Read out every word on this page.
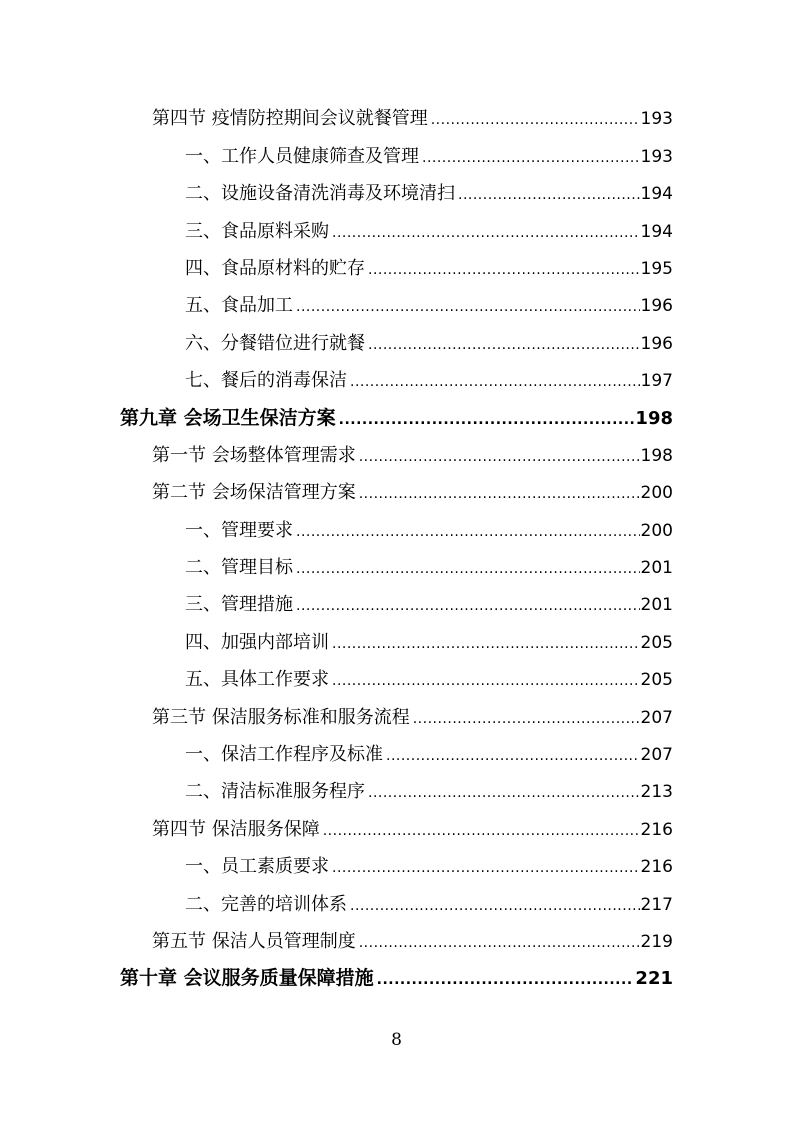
第四节 疫情防控期间会议就餐管理 .....	193
一、工作人员健康筛查及管理 .....	193
二、设施设备清洗消毒及环境清扫 .....	194
三、食品原料采购 .....	194
四、食品原材料的贮存 .....	195
五、食品加工 .....	196
六、分餐错位进行就餐 .....	196
七、餐后的消毒保洁 .....	197
第九章 会场卫生保洁方案 .....	198
第一节 会场整体管理需求 .....	198
第二节 会场保洁管理方案 .....	200
一、管理要求 .....	200
二、管理目标 .....	201
三、管理措施 .....	201
四、加强内部培训 .....	205
五、具体工作要求 .....	205
第三节 保洁服务标准和服务流程 .....	207
一、保洁工作程序及标准 .....	207
二、清洁标准服务程序 .....	213
第四节 保洁服务保障 .....	216
一、员工素质要求 .....	216
二、完善的培训体系 .....	217
第五节 保洁人员管理制度 .....	219
第十章 会议服务质量保障措施 .....	221
8
